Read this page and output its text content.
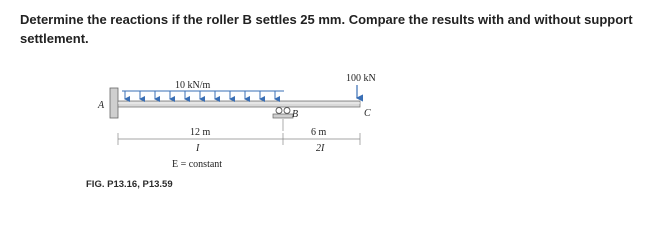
Determine the reactions if the roller B settles 25 mm. Compare the results with and without support settlement.
A
10 kN/m
B
100 kN
C
12 m
I
E = constant
6 m
2I
FIG. P13.16, P13.59
